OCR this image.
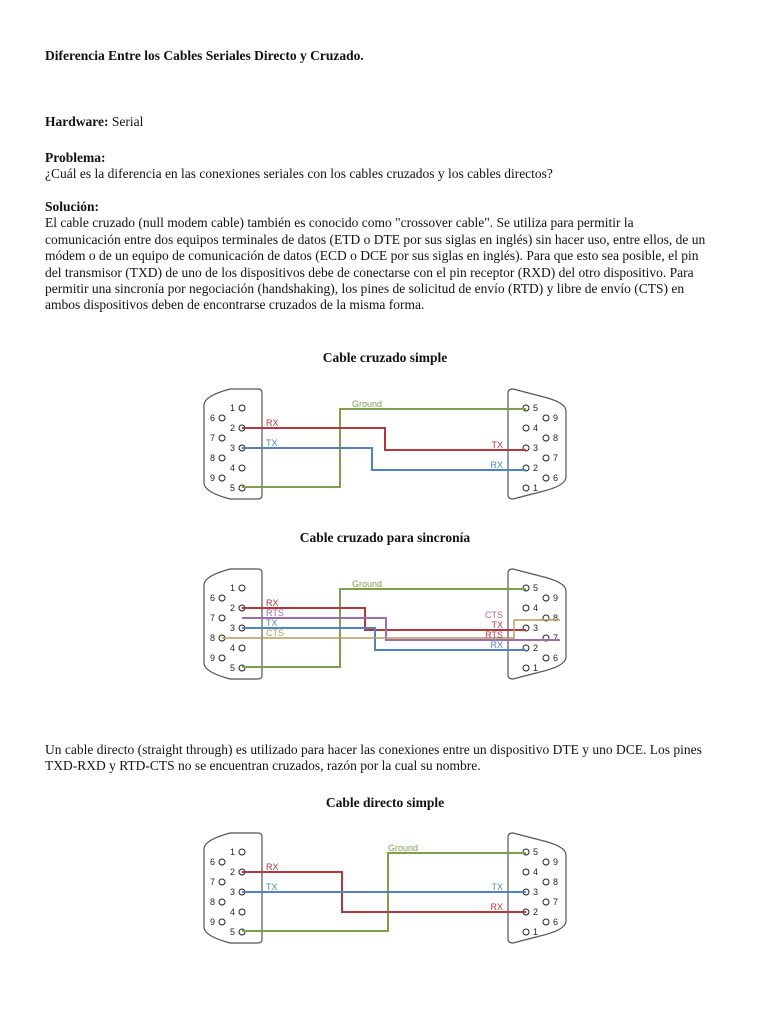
Diferencia Entre los Cables Seriales Directo y Cruzado.
Hardware: Serial
Problema:
¿Cuál es la diferencia en las conexiones seriales con los cables cruzados y los cables directos?
Solución:
El cable cruzado (null modem cable) también es conocido como "crossover cable". Se utiliza para permitir la
comunicación entre dos equipos terminales de datos (ETD o DTE por sus siglas en inglés) sin hacer uso, entre ellos, de un
módem o de un equipo de comunicación de datos (ECD o DCE por sus siglas en inglés). Para que esto sea posible, el pin
del transmisor (TXD) de uno de los dispositivos debe de conectarse con el pin receptor (RXD) del otro dispositivo. Para
permitir una sincronía por negociación (handshaking), los pines de solicitud de envío (RTD) y libre de envío (CTS) en
ambos dispositivos deben de encontrarse cruzados de la misma forma.
Cable cruzado simple
Cable cruzado para sincronía
Un cable directo (straight through) es utilizado para hacer las conexiones entre un dispositivo DTE y uno DCE. Los pines
TXD-RXD y RTD-CTS no se encuentran cruzados, razón por la cual su nombre.
Cable directo simple
1
2
3
4
5
6
7
8
9
5
4
3
2
1
9
8
7
6
Ground
RX
TX	TX
RX
1
2
3
4
5
6
7
8
9
5
4
3
2
1
9
8
7
6
Ground
RX
RTS
TX
CTS
CTS
TX
RTS
RX
1
2
3
4
5
6
7
8
9
5
4
3
2
1
9
8
7
6
Ground
RX
TX	TX
RX
